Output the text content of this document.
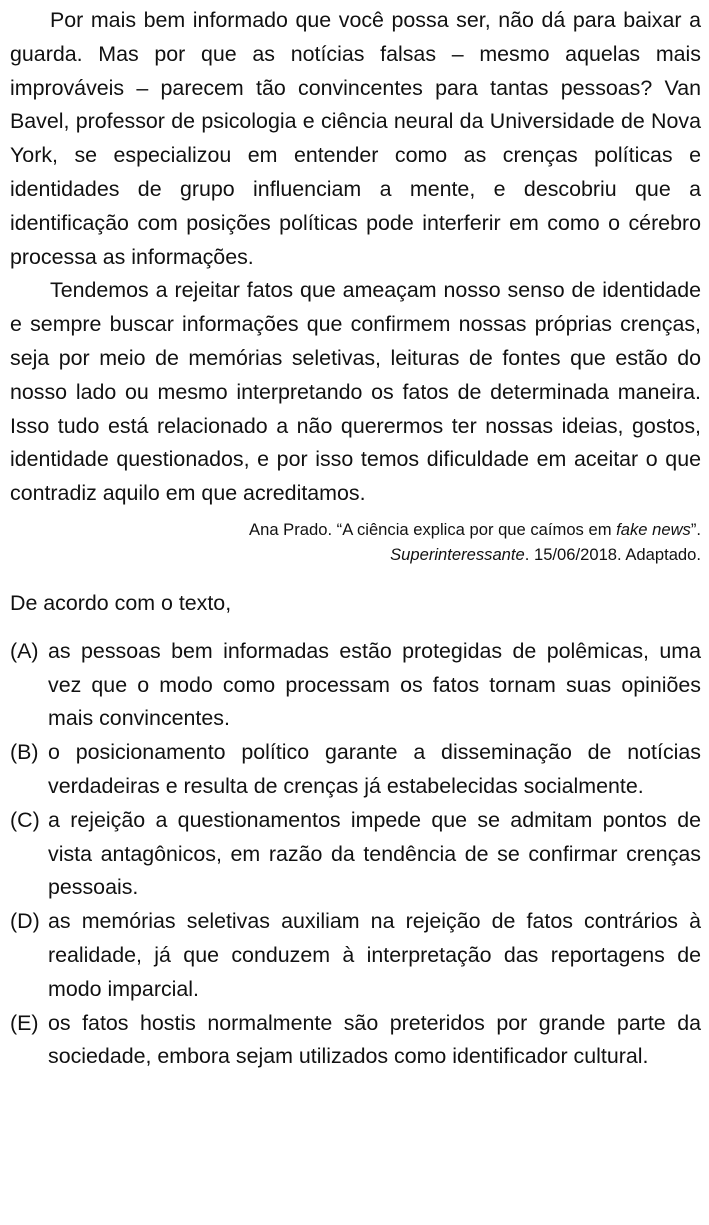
Por mais bem informado que você possa ser, não dá para baixar a guarda. Mas por que as notícias falsas – mesmo aquelas mais improváveis – parecem tão convincentes para tantas pessoas? Van Bavel, professor de psicologia e ciência neural da Universidade de Nova York, se especializou em entender como as crenças políticas e identidades de grupo influenciam a mente, e descobriu que a identificação com posições políticas pode interferir em como o cérebro processa as informações.

Tendemos a rejeitar fatos que ameaçam nosso senso de identidade e sempre buscar informações que confirmem nossas próprias crenças, seja por meio de memórias seletivas, leituras de fontes que estão do nosso lado ou mesmo interpretando os fatos de determinada maneira. Isso tudo está relacionado a não querermos ter nossas ideias, gostos, identidade questionados, e por isso temos dificuldade em aceitar o que contradiz aquilo em que acreditamos.

Ana Prado. “A ciência explica por que caímos em fake news”.
Superinteressante. 15/06/2018. Adaptado.
De acordo com o texto,
(A) as pessoas bem informadas estão protegidas de polêmicas, uma vez que o modo como processam os fatos tornam suas opiniões mais convincentes.
(B) o posicionamento político garante a disseminação de notícias verdadeiras e resulta de crenças já estabelecidas socialmente.
(C) a rejeição a questionamentos impede que se admitam pontos de vista antagônicos, em razão da tendência de se confirmar crenças pessoais.
(D) as memórias seletivas auxiliam na rejeição de fatos contrários à realidade, já que conduzem à interpretação das reportagens de modo imparcial.
(E) os fatos hostis normalmente são preteridos por grande parte da sociedade, embora sejam utilizados como identificador cultural.
